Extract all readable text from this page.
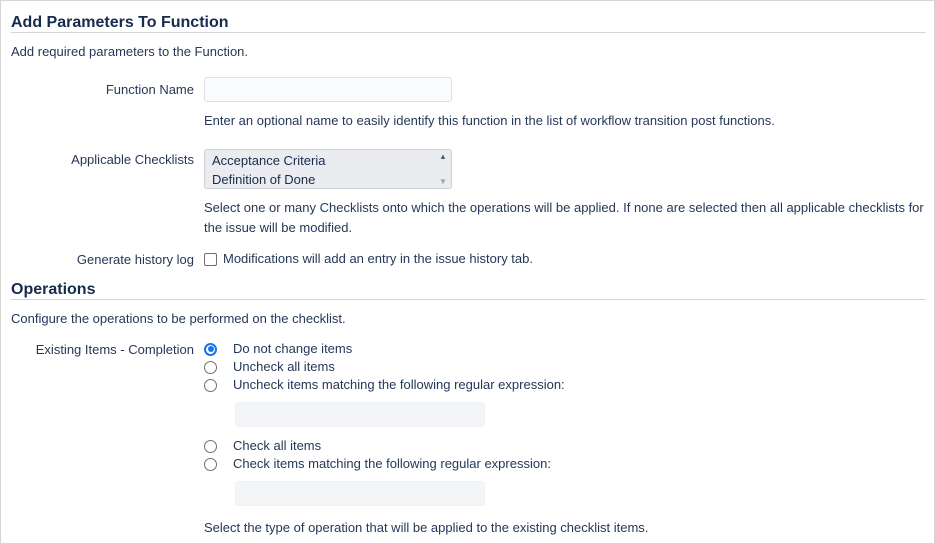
Add Parameters To Function
Add required parameters to the Function.
Function Name
Enter an optional name to easily identify this function in the list of workflow transition post functions.
Applicable Checklists Acceptance Criteria
Definition of Done
▲
▼
Select one or many Checklists onto which the operations will be applied. If none are selected then all applicable checklists for the issue will be modified.
Generate history log Modifications will add an entry in the issue history tab.
Operations
Configure the operations to be performed on the checklist.
Existing Items - Completion	Do not change items
Uncheck all items
Uncheck items matching the following regular expression:
Check all items
Check items matching the following regular expression:
Select the type of operation that will be applied to the existing checklist items.
